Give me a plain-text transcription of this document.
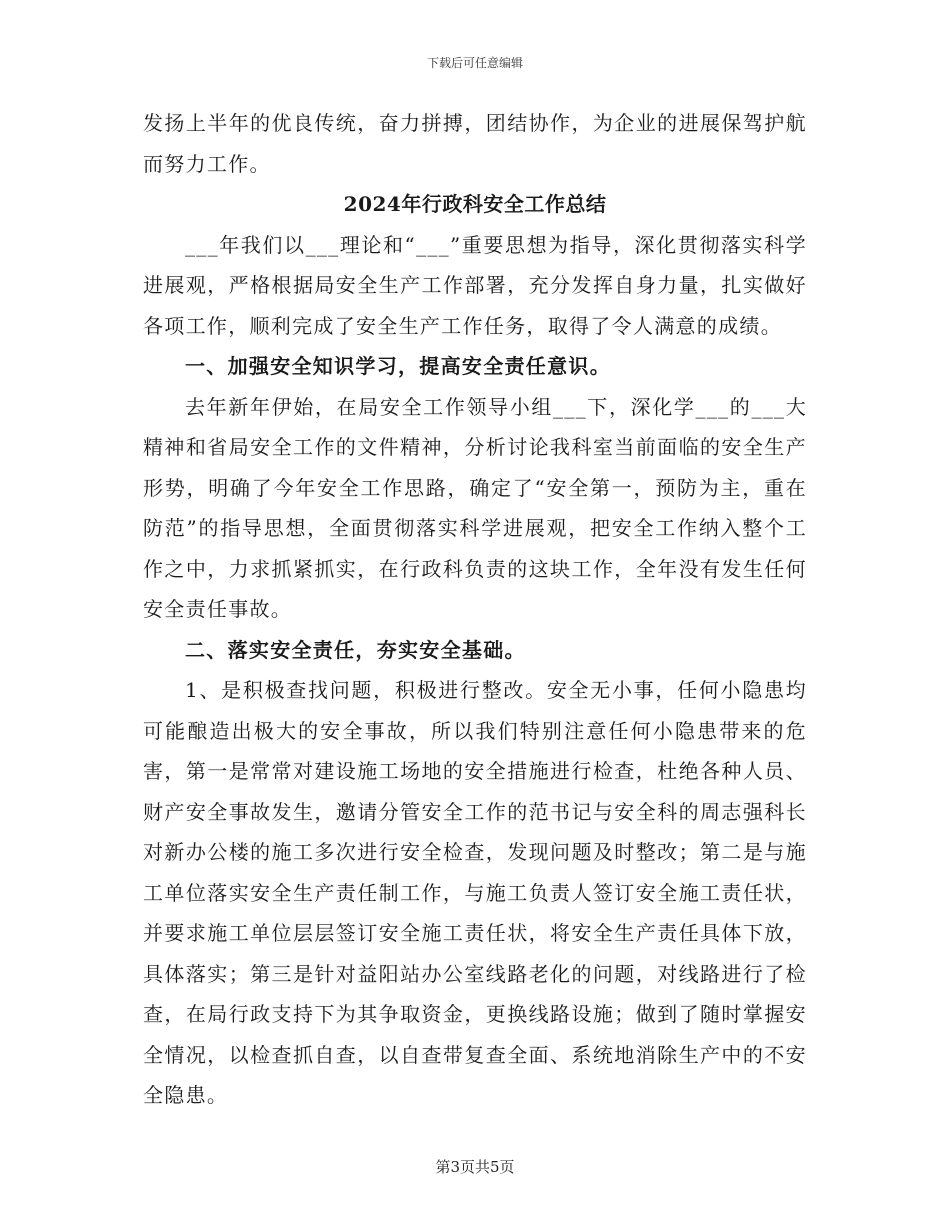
下载后可任意编辑

发扬上半年的优良传统，奋力拼搏，团结协作，为企业的进展保驾护航而努力工作。

2024年行政科安全工作总结

___年我们以___理论和“___”重要思想为指导，深化贯彻落实科学进展观，严格根据局安全生产工作部署，充分发挥自身力量，扎实做好各项工作，顺利完成了安全生产工作任务，取得了令人满意的成绩。

一、加强安全知识学习，提高安全责任意识。

去年新年伊始，在局安全工作领导小组___下，深化学___的___大精神和省局安全工作的文件精神，分析讨论我科室当前面临的安全生产形势，明确了今年安全工作思路，确定了“安全第一，预防为主，重在防范”的指导思想，全面贯彻落实科学进展观，把安全工作纳入整个工作之中，力求抓紧抓实，在行政科负责的这块工作，全年没有发生任何安全责任事故。

二、落实安全责任，夯实安全基础。

1、是积极查找问题，积极进行整改。安全无小事，任何小隐患均可能酿造出极大的安全事故，所以我们特别注意任何小隐患带来的危害，第一是常常对建设施工场地的安全措施进行检查，杜绝各种人员、财产安全事故发生，邀请分管安全工作的范书记与安全科的周志强科长对新办公楼的施工多次进行安全检查，发现问题及时整改；第二是与施工单位落实安全生产责任制工作，与施工负责人签订安全施工责任状，并要求施工单位层层签订安全施工责任状，将安全生产责任具体下放，具体落实；第三是针对益阳站办公室线路老化的问题，对线路进行了检查，在局行政支持下为其争取资金，更换线路设施；做到了随时掌握安全情况，以检查抓自查，以自查带复查全面、系统地消除生产中的不安全隐患。

第3页共5页
